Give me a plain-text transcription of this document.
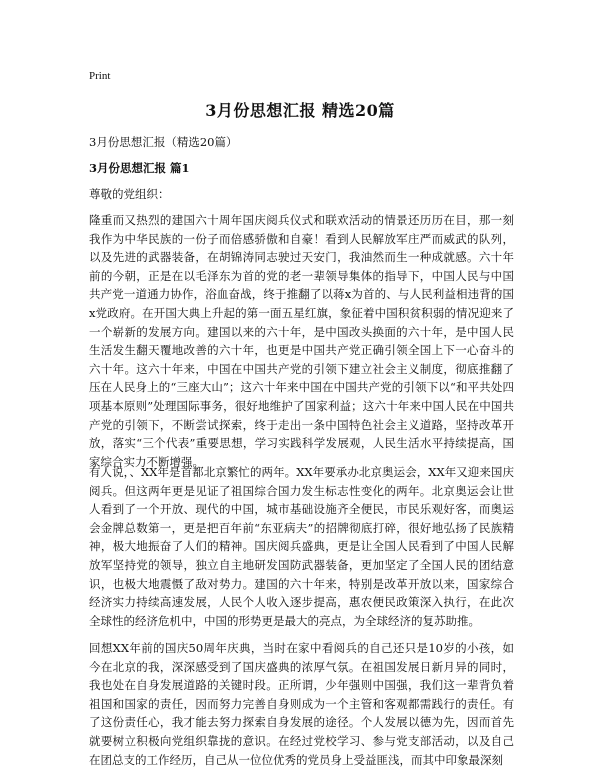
Print
3月份思想汇报 精选20篇
3月份思想汇报（精选20篇）
3月份思想汇报 篇1
尊敬的党组织：

隆重而又热烈的建国六十周年国庆阅兵仪式和联欢活动的情景还历历在目，那一刻我作为中华民族的一份子而倍感骄傲和自豪！看到人民解放军庄严而威武的队列，以及先进的武器装备，在胡锦涛同志驶过天安门，我油然而生一种成就感。六十年前的今朝，正是在以毛泽东为首的党的老一辈领导集体的指导下，中国人民与中国共产党一道通力协作，浴血奋战，终于推翻了以蒋x为首的、与人民利益相违背的国x党政府。在开国大典上升起的第一面五星红旗，象征着中国积贫积弱的情况迎来了一个崭新的发展方向。建国以来的六十年，是中国改头换面的六十年，是中国人民生活发生翻天覆地改善的六十年，也更是中国共产党正确引领全国上下一心奋斗的六十年。这六十年来，中国在中国共产党的引领下建立社会主义制度，彻底推翻了压在人民身上的“三座大山”；这六十年来中国在中国共产党的引领下以“和平共处四项基本原则”处理国际事务，很好地维护了国家利益；这六十年来中国人民在中国共产党的引领下，不断尝试探索，终于走出一条中国特色社会主义道路，坚持改革开放，落实“三个代表”重要思想，学习实践科学发展观，人民生活水平持续提高，国家综合实力不断增强。

有人说，、XX年是首都北京繁忙的两年。XX年要承办北京奥运会，XX年又迎来国庆阅兵。但这两年更是见证了祖国综合国力发生标志性变化的两年。北京奥运会让世人看到了一个开放、现代的中国，城市基础设施齐全便民，市民乐观好客，而奥运会金牌总数第一，更是把百年前“东亚病夫”的招牌彻底打碎，很好地弘扬了民族精神，极大地振奋了人们的精神。国庆阅兵盛典，更是让全国人民看到了中国人民解放军坚持党的领导，独立自主地研发国防武器装备，更加坚定了全国人民的团结意识，也极大地震慑了敌对势力。建国的六十年来，特别是改革开放以来，国家综合经济实力持续高速发展，人民个人收入逐步提高，惠农便民政策深入执行，在此次全球性的经济危机中，中国的形势更是最大的亮点，为全球经济的复苏助推。

回想XX年前的国庆50周年庆典，当时在家中看阅兵的自己还只是10岁的小孩，如今在北京的我，深深感受到了国庆盛典的浓厚气氛。在祖国发展日新月异的同时，我也处在自身发展道路的关键时段。正所谓，少年强则中国强，我们这一辈背负着祖国和国家的责任，因而努力完善自身则成为一个主管和客观都需践行的责任。有了这份责任心，我才能去努力探索自身发展的途径。个人发展以德为先，因而首先就要树立积极向党组织靠拢的意识。在经过党校学习、参与党支部活动，以及自己在团总支的工作经历，自己从一位位优秀的党员身上受益匪浅，而其中印象最深刻
